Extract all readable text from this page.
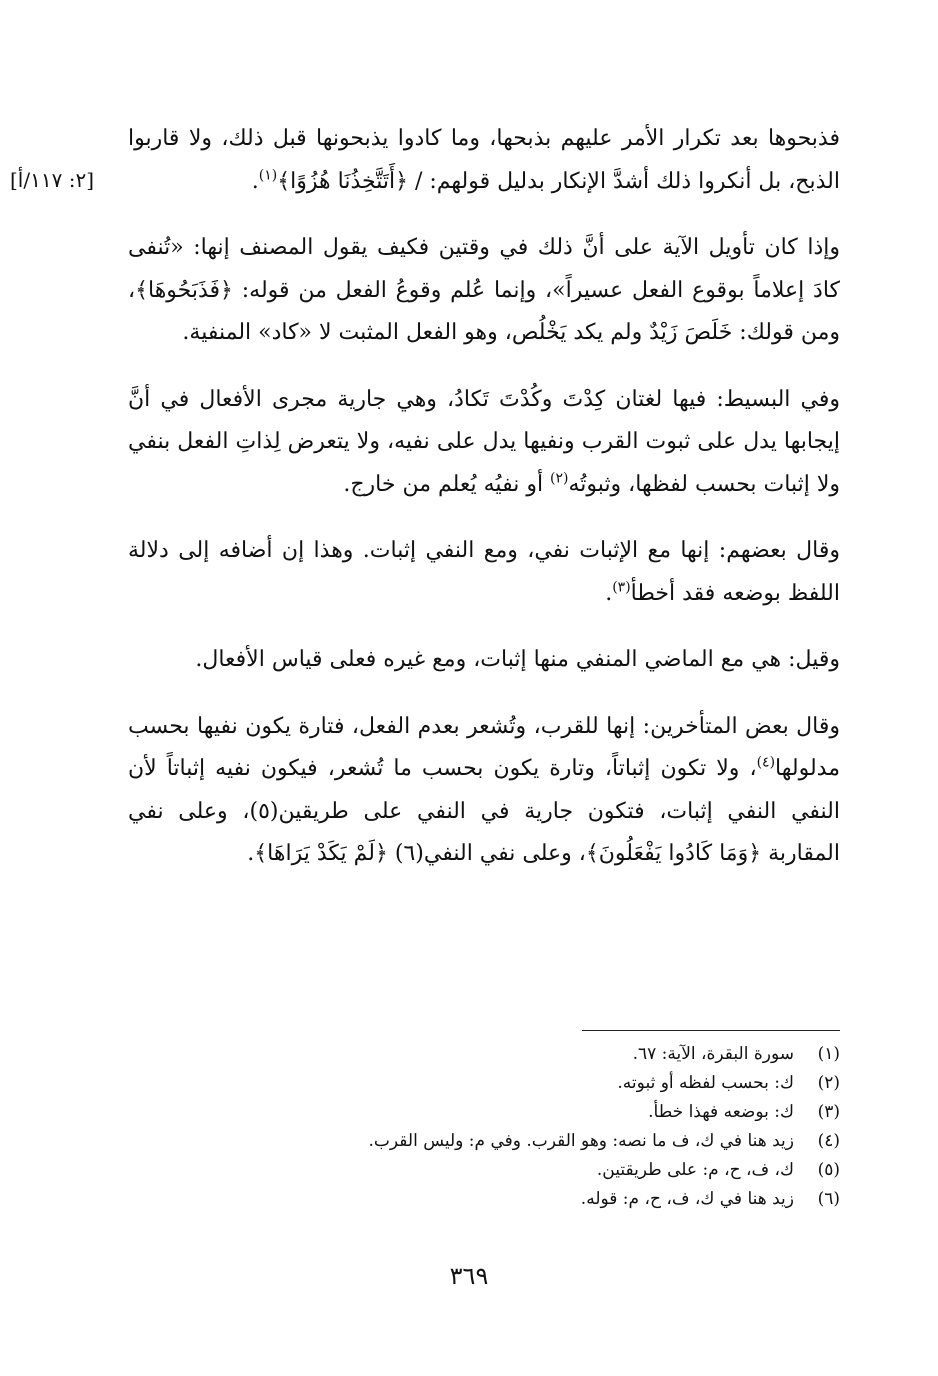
[٢: ١١٧/أ]

فذبحوها بعد تكرار الأمر عليهم بذبحها، وما كادوا يذبحونها قبل ذلك، ولا قاربوا الذبح، بل أنكروا ذلك أشدَّ الإنكار بدليل قولهم: / ﴿أَتَتَّخِذُنَا هُزُوًا﴾$^{(١)}$.

وإذا كان تأويل الآية على أنَّ ذلك في وقتين فكيف يقول المصنف إنها: «تُنفى كادَ إعلاماً بوقوع الفعل عسيراً»، وإنما عُلم وقوعُ الفعل من قوله: ﴿فَذَبَحُوهَا﴾، ومن قولك: خَلَصَ زَيْدٌ ولم يكد يَخْلُص، وهو الفعل المثبت لا «كاد» المنفية.

وفي البسيط: فيها لغتان كِدْتَ وكُدْتَ تَكادُ، وهي جارية مجرى الأفعال في أنَّ إيجابها يدل على ثبوت القرب ونفيها يدل على نفيه، ولا يتعرض لِذاتِ الفعل بنفي ولا إثبات بحسب لفظها، وثبوتُه$^{(٢)}$ أو نفيُه يُعلم من خارج.

وقال بعضهم: إنها مع الإثبات نفي، ومع النفي إثبات. وهذا إن أضافه إلى دلالة اللفظ بوضعه فقد أخطأ$^{(٣)}$.

وقيل: هي مع الماضي المنفي منها إثبات، ومع غيره فعلى قياس الأفعال.

وقال بعض المتأخرين: إنها للقرب، وتُشعر بعدم الفعل، فتارة يكون نفيها بحسب مدلولها$^{(٤)}$، ولا تكون إثباتاً، وتارة يكون بحسب ما تُشعر، فيكون نفيه إثباتاً لأن النفي النفي إثبات، فتكون جارية في النفي على طريقين(٥)، وعلى نفي المقاربة ﴿وَمَا كَادُوا يَفْعَلُونَ﴾، وعلى نفي النفي(٦) ﴿لَمْ يَكَدْ يَرَاهَا﴾.

(١)
سورة البقرة، الآية: ٦٧.
(٢)
ك: بحسب لفظه أو ثبوته.
(٣)
ك: بوضعه فهذا خطأ.
(٤)
زيد هنا في ك، ف ما نصه: وهو القرب. وفي م: وليس القرب.
(٥)
ك، ف، ح، م: على طريقتين.
(٦)
زيد هنا في ك، ف، ح، م: قوله.
٣٦٩
